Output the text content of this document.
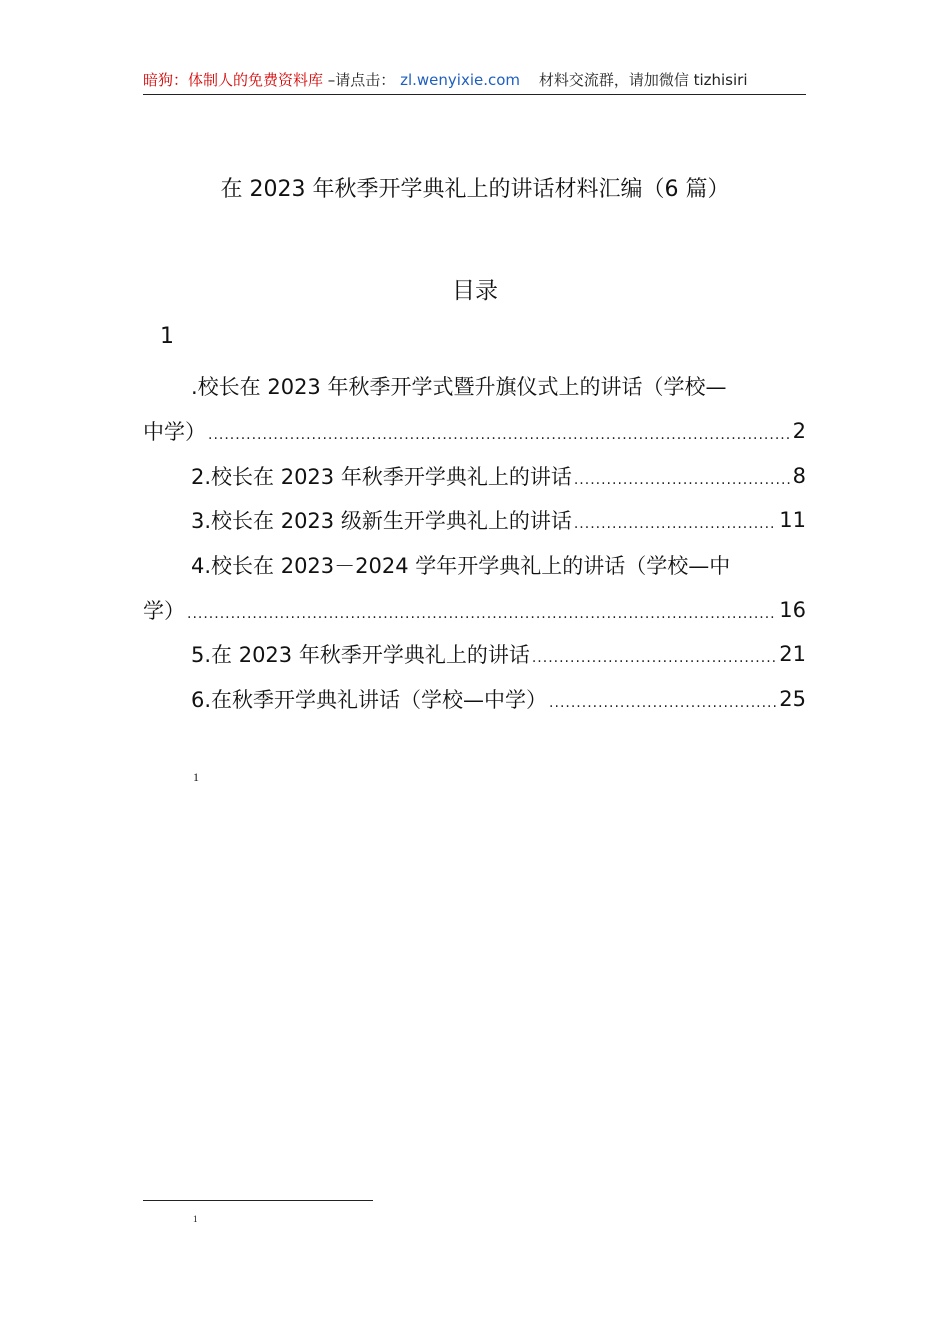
暗狗：体制人的免费资料库 –请点击： zl.wenyixie.com 材料交流群，请加微信 tizhisiri
在 2023 年秋季开学典礼上的讲话材料汇编（6 篇）
目录
1
.校长在 2023 年秋季开学式暨升旗仪式上的讲话（学校—
中学） .....	2
2.校长在 2023 年秋季开学典礼上的讲话 .....	8
3.校长在 2023 级新生开学典礼上的讲话 .....	11
4.校长在 2023－2024 学年开学典礼上的讲话（学校—中
学） .....	16
5.在 2023 年秋季开学典礼上的讲话 .....	21
6.在秋季开学典礼讲话（学校—中学） .....	25
1
1
